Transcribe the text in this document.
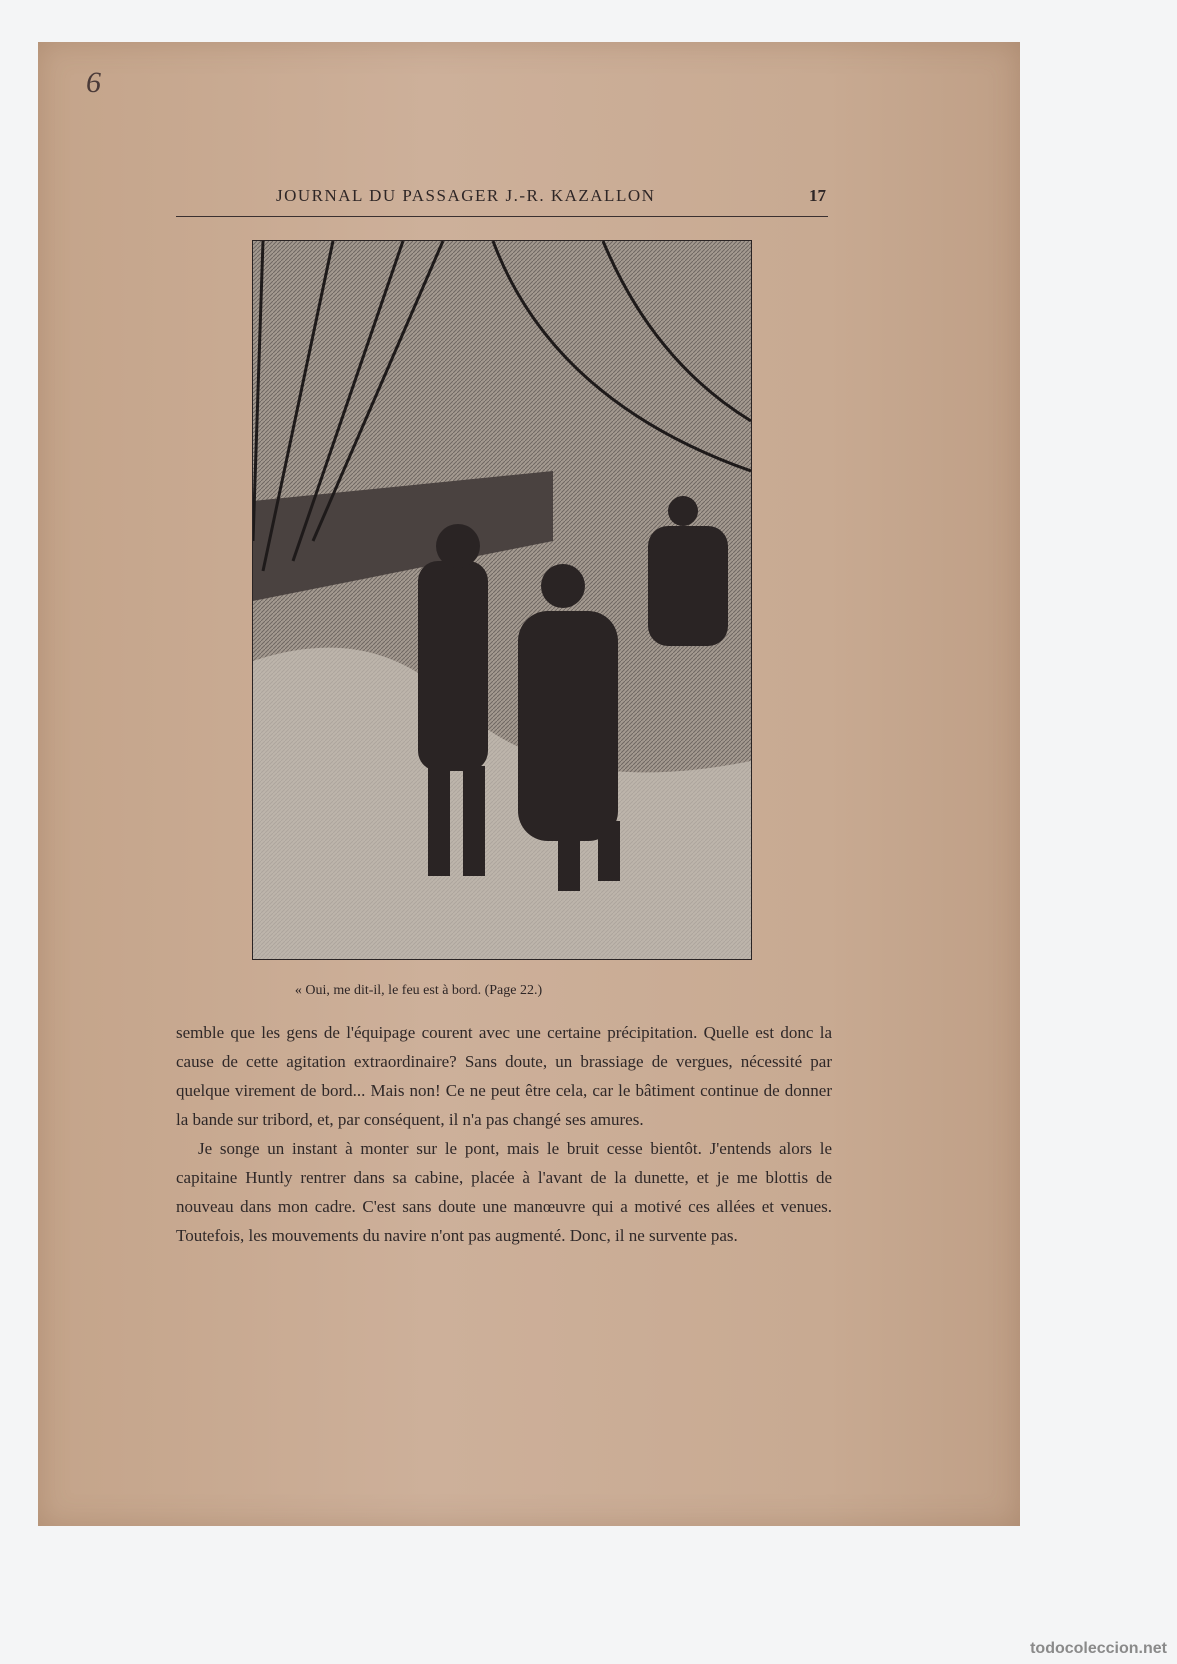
6
JOURNAL DU PASSAGER J.-R. KAZALLON	17
« Oui, me dit-il, le feu est à bord. (Page 22.)

semble que les gens de l'équipage courent avec une certaine précipitation. Quelle est donc la cause de cette agitation extraordinaire? Sans doute, un brassiage de vergues, nécessité par quelque virement de bord... Mais non! Ce ne peut être cela, car le bâtiment continue de donner la bande sur tribord, et, par conséquent, il n'a pas changé ses amures.

Je songe un instant à monter sur le pont, mais le bruit cesse bientôt. J'entends alors le capitaine Huntly rentrer dans sa cabine, placée à l'avant de la dunette, et je me blottis de nouveau dans mon cadre. C'est sans doute une manœuvre qui a motivé ces allées et venues. Toutefois, les mouvements du navire n'ont pas augmenté. Donc, il ne survente pas.

todocoleccion.net
